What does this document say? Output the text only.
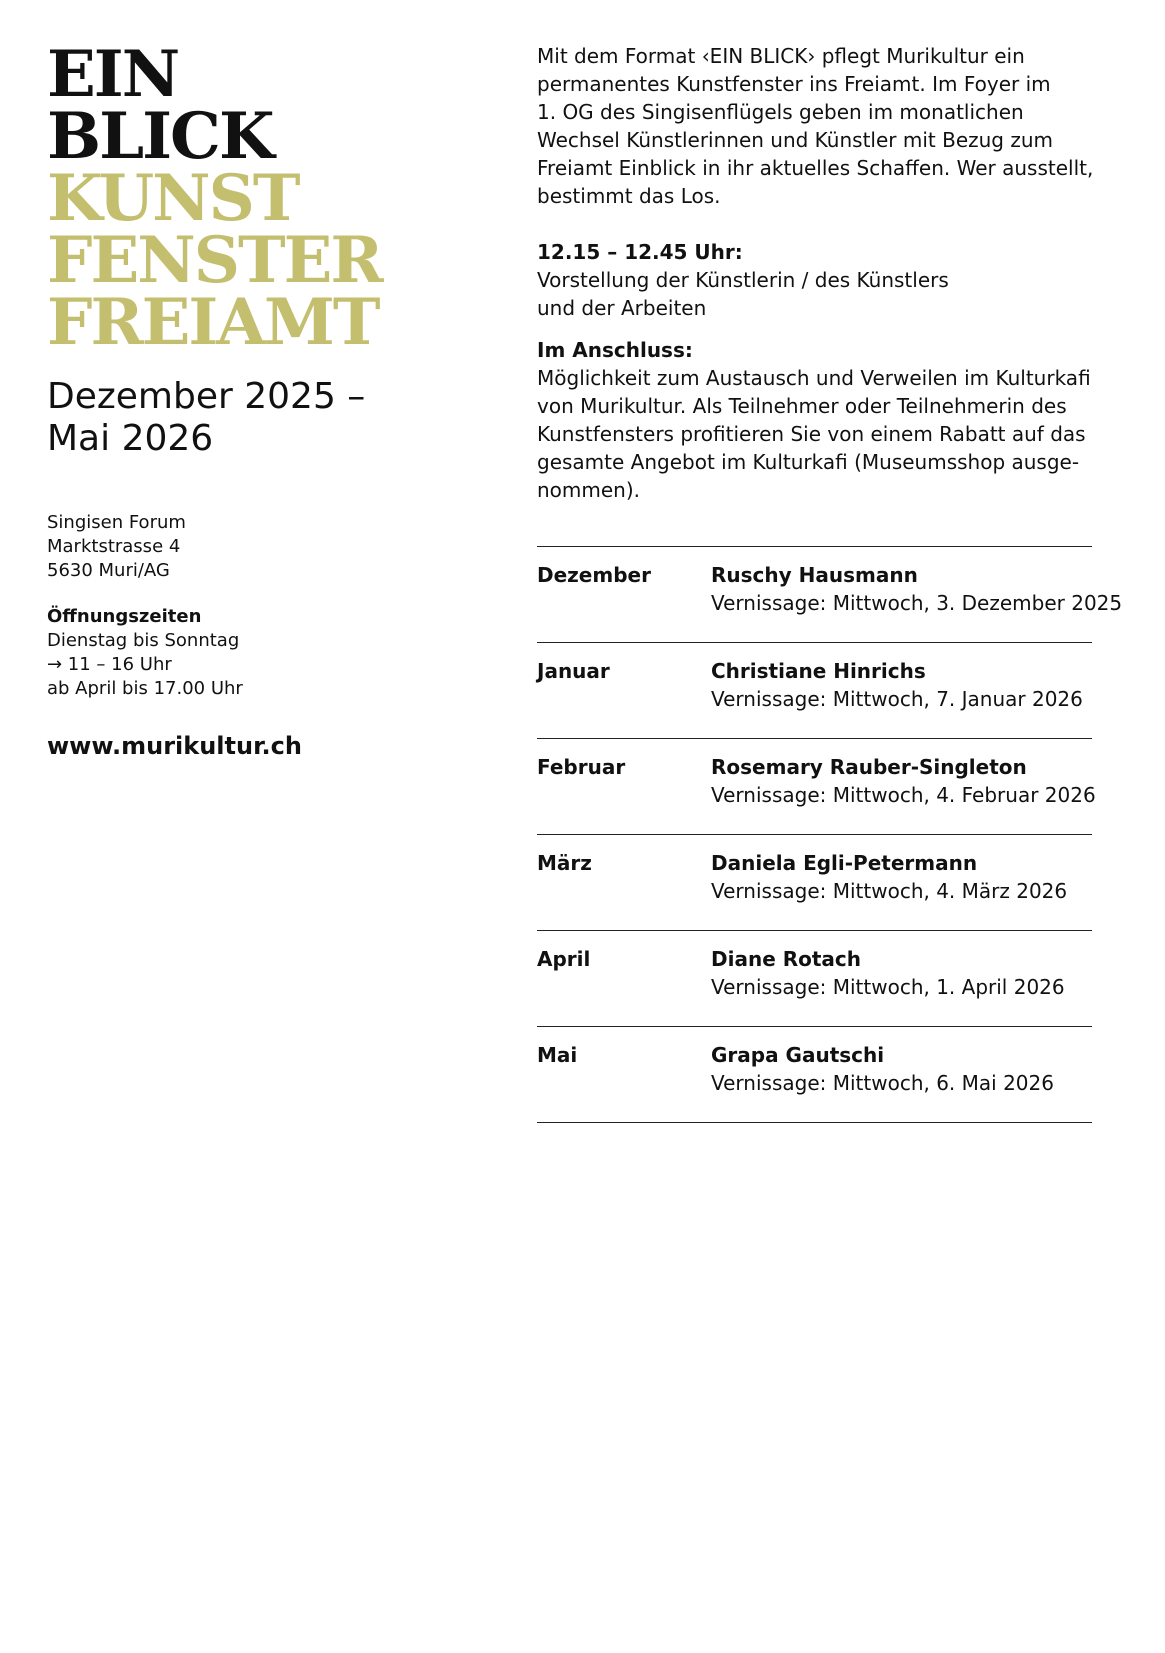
EIN
BLICK
KUNST
FENSTER
FREIAMT
Dezember 2025 –
Mai 2026
Singisen Forum
Marktstrasse 4
5630 Muri/AG
Öffnungszeiten
Dienstag bis Sonntag
→ 11 – 16 Uhr
ab April bis 17.00 Uhr
www.murikultur.ch

Mit dem Format ‹EIN BLICK› pflegt Murikultur ein

permanentes Kunstfenster ins Freiamt. Im Foyer im

1. OG des Singisenflügels geben im monatlichen

Wechsel Künstlerinnen und Künstler mit Bezug zum

Freiamt Einblick in ihr aktuelles Schaffen. Wer ausstellt,

bestimmt das Los.

12.15 – 12.45 Uhr:
Vorstellung der Künstlerin / des Künstlers
und der Arbeiten
Im Anschluss:
Möglichkeit zum Austausch und Verweilen im Kulturkafi
von Murikultur. Als Teilnehmer oder Teilnehmerin des
Kunstfensters profitieren Sie von einem Rabatt auf das
gesamte Angebot im Kulturkafi (Museumsshop ausge-
nommen).
Dezember	Ruschy Hausmann
Vernissage: Mittwoch, 3. Dezember 2025
Januar	Christiane Hinrichs
Vernissage: Mittwoch, 7. Januar 2026
Februar	Rosemary Rauber-Singleton
Vernissage: Mittwoch, 4. Februar 2026
März	Daniela Egli-Petermann
Vernissage: Mittwoch, 4. März 2026
April	Diane Rotach
Vernissage: Mittwoch, 1. April 2026
Mai	Grapa Gautschi
Vernissage: Mittwoch, 6. Mai 2026
